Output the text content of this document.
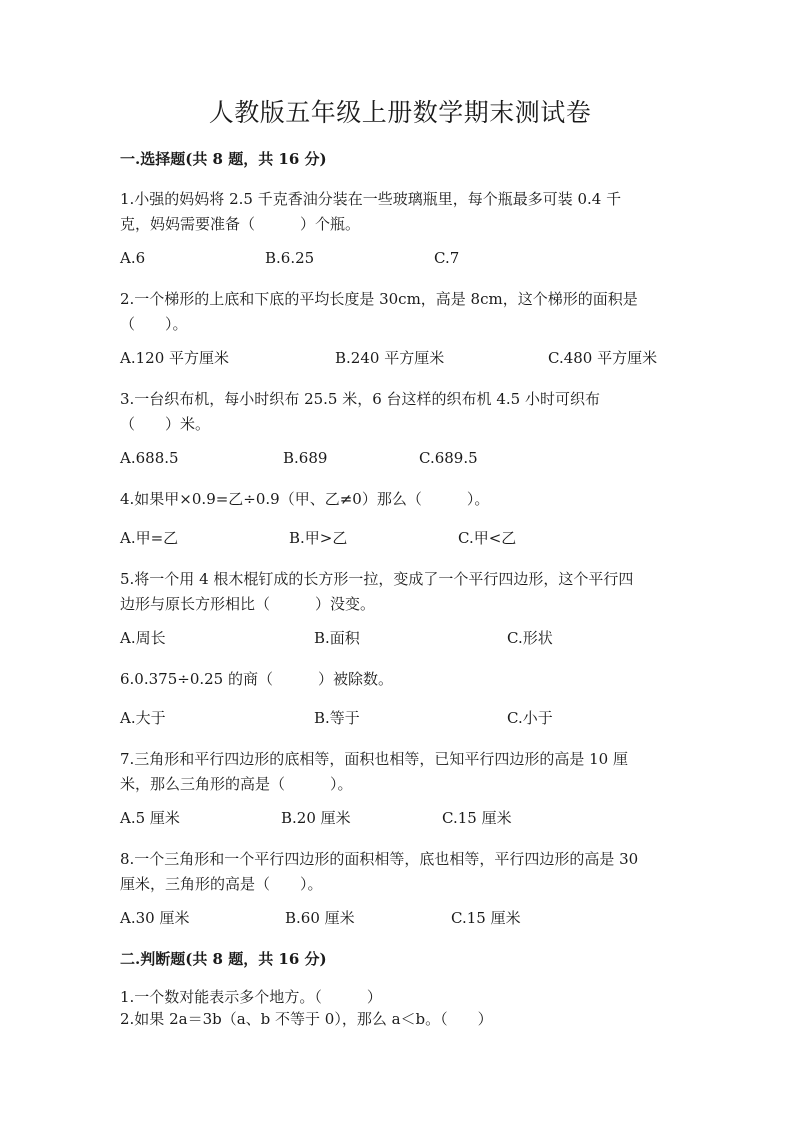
人教版五年级上册数学期末测试卷
一.选择题(共 8 题，共 16 分)
1.小强的妈妈将 2.5 千克香油分装在一些玻璃瓶里，每个瓶最多可装 0.4 千
克，妈妈需要准备（　　　）个瓶。
A.6	B.6.25	C.7
2.一个梯形的上底和下底的平均长度是 30cm，高是 8cm，这个梯形的面积是
（　　）。
A.120 平方厘米	B.240 平方厘米	C.480 平方厘米
3.一台织布机，每小时织布 25.5 米，6 台这样的织布机 4.5 小时可织布
（　　）米。
A.688.5	B.689	C.689.5
4.如果甲×0.9=乙÷0.9（甲、乙≠0）那么（　　　）。
A.甲=乙	B.甲>乙	C.甲<乙
5.将一个用 4 根木棍钉成的长方形一拉，变成了一个平行四边形，这个平行四
边形与原长方形相比（　　　）没变。
A.周长	B.面积	C.形状
6.0.375÷0.25 的商（　　　）被除数。
A.大于	B.等于	C.小于
7.三角形和平行四边形的底相等，面积也相等，已知平行四边形的高是 10 厘
米，那么三角形的高是（　　　）。
A.5 厘米	B.20 厘米	C.15 厘米
8.一个三角形和一个平行四边形的面积相等，底也相等，平行四边形的高是 30
厘米，三角形的高是（　　）。
A.30 厘米	B.60 厘米	C.15 厘米
二.判断题(共 8 题，共 16 分)
1.一个数对能表示多个地方。（　　　）
2.如果 2a＝3b（a、b 不等于 0），那么 a＜b。（　　）
